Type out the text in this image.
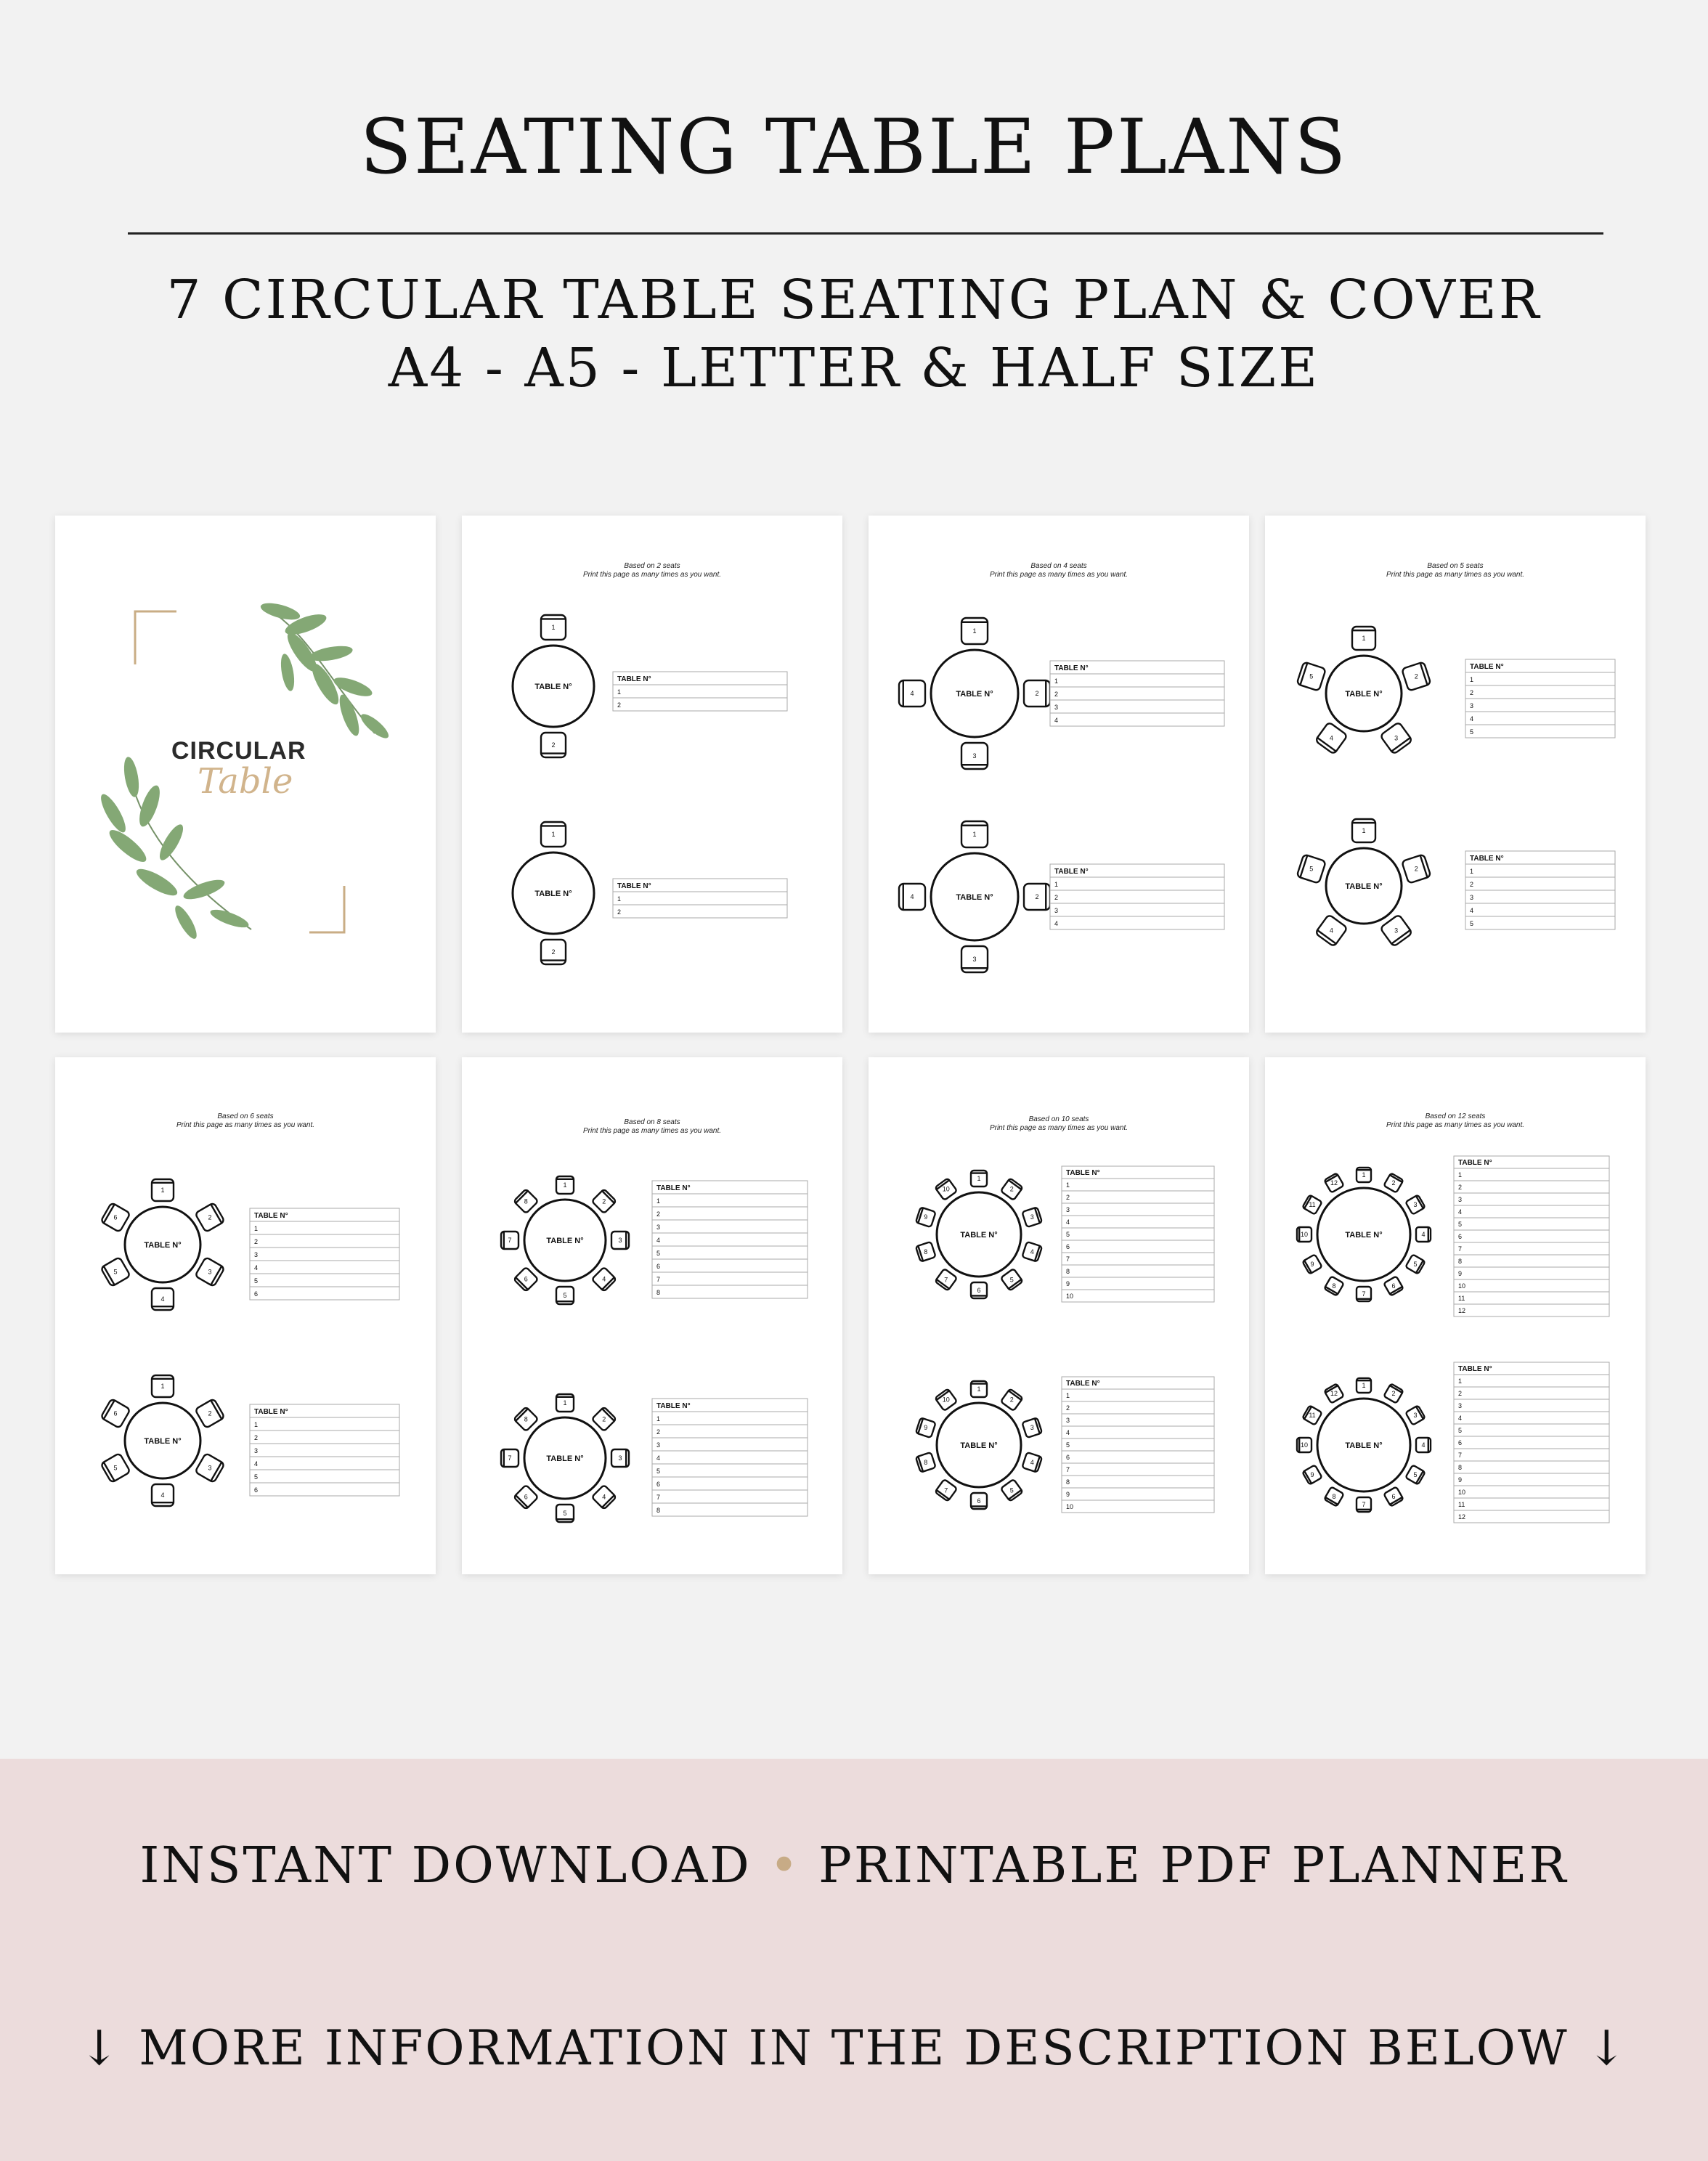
SEATING TABLE PLANS
7 CIRCULAR TABLE SEATING PLAN & COVER
A4 - A5 - LETTER & HALF SIZE
CIRCULAR
Table
1
2
TABLE N°
TABLE N°
1
2
1
2
TABLE N°
TABLE N°
1
2
Based on 2 seats
Print this page as many times as you want.
1
2
3
4	TABLE N°
TABLE N°
1
2
3
4
1
2
3
4	TABLE N°
TABLE N°
1
2
3
4
Based on 4 seats
Print this page as many times as you want.
1
2
3
4
5
TABLE N°
TABLE N°
1
2
3
4
5
1
2
3
4
5
TABLE N°
TABLE N°
1
2
3
4
5
Based on 5 seats
Print this page as many times as you want.
1
2
3
4
5
6
TABLE N°
TABLE N°
1
2
3
4
5
6
1
2
3
4
5
6
TABLE N°
TABLE N°
1
2
3
4
5
6
Based on 6 seats
Print this page as many times as you want.
1
2
3
4
5
6
7
8
TABLE N°
TABLE N°
1
2
3
4
5
6
7
8
1
2
3
4
5
6
7
8
TABLE N°
TABLE N°
1
2
3
4
5
6
7
8
Based on 8 seats
Print this page as many times as you want.
1
2
3
4
5
6
7
8
9
10
TABLE N°
TABLE N°
1
2
3
4
5
6
7
8
9
10
1
2
3
4
5
6
7
8
9
10
TABLE N°
TABLE N°
1
2
3
4
5
6
7
8
9
10
Based on 10 seats
Print this page as many times as you want.
1
2
3
4
5
6
7
8
9
10
11
12
TABLE N°
TABLE N°
1
2
3
4
5
6
7
8
9
10
11
12
1
2
3
4
5
6
7
8
9
10
11
12
TABLE N°
TABLE N°
1
2
3
4
5
6
7
8
9
10
11
12
Based on 12 seats
Print this page as many times as you want.
INSTANT DOWNLOAD • PRINTABLE PDF PLANNER
↓ MORE INFORMATION IN THE DESCRIPTION BELOW ↓
